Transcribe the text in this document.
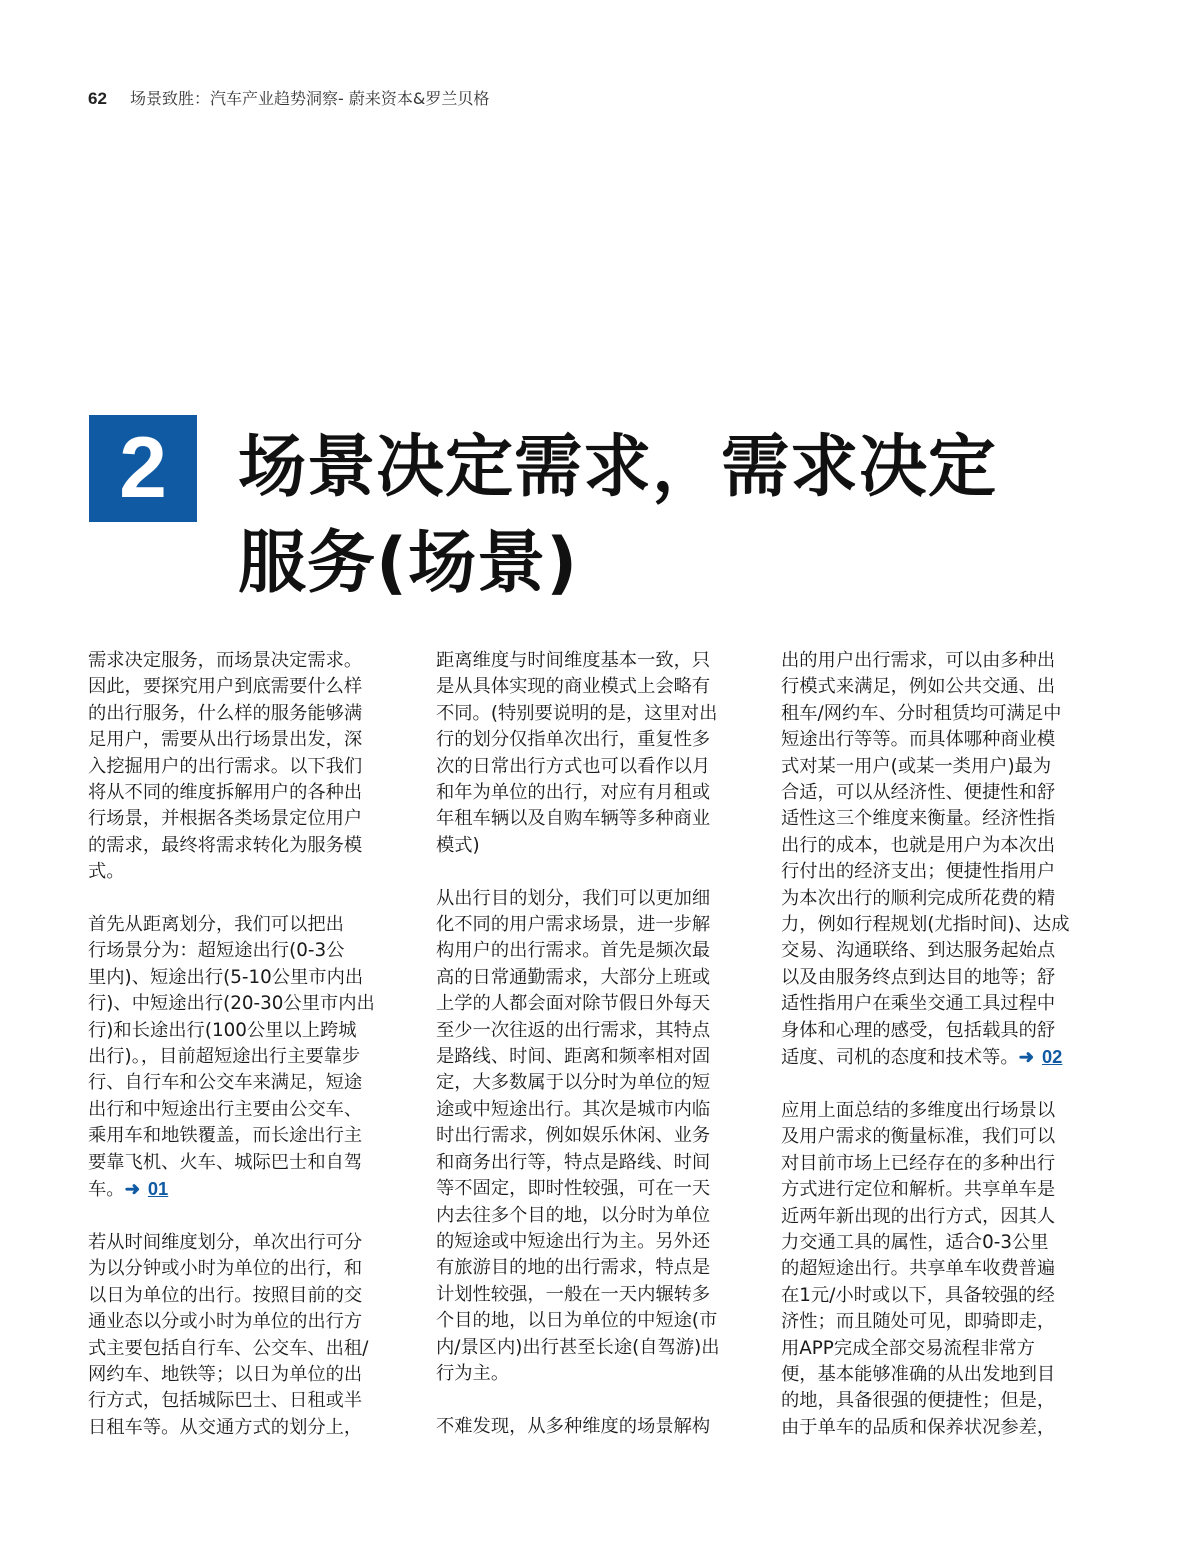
62 场景致胜：汽车产业趋势洞察- 蔚来资本&罗兰贝格
2	场景决定需求，需求决定
服务(场景)

需求决定服务，而场景决定需求。
因此，要探究用户到底需要什么样
的出行服务，什么样的服务能够满
足用户，需要从出行场景出发，深
入挖掘用户的出行需求。以下我们
将从不同的维度拆解用户的各种出
行场景，并根据各类场景定位用户
的需求，最终将需求转化为服务模
式。

首先从距离划分，我们可以把出
行场景分为：超短途出行(0-3公
里内)、短途出行(5-10公里市内出
行)、中短途出行(20-30公里市内出
行)和长途出行(100公里以上跨城
出行)。，目前超短途出行主要靠步
行、自行车和公交车来满足，短途
出行和中短途出行主要由公交车、
乘用车和地铁覆盖，而长途出行主
要靠飞机、火车、城际巴士和自驾
车。➜ 01

若从时间维度划分，单次出行可分
为以分钟或小时为单位的出行，和
以日为单位的出行。按照目前的交
通业态以分或小时为单位的出行方
式主要包括自行车、公交车、出租/
网约车、地铁等；以日为单位的出
行方式，包括城际巴士、日租或半
日租车等。从交通方式的划分上，

距离维度与时间维度基本一致，只
是从具体实现的商业模式上会略有
不同。(特别要说明的是，这里对出
行的划分仅指单次出行，重复性多
次的日常出行方式也可以看作以月
和年为单位的出行，对应有月租或
年租车辆以及自购车辆等多种商业
模式)

从出行目的划分，我们可以更加细
化不同的用户需求场景，进一步解
构用户的出行需求。首先是频次最
高的日常通勤需求，大部分上班或
上学的人都会面对除节假日外每天
至少一次往返的出行需求，其特点
是路线、时间、距离和频率相对固
定，大多数属于以分时为单位的短
途或中短途出行。其次是城市内临
时出行需求，例如娱乐休闲、业务
和商务出行等，特点是路线、时间
等不固定，即时性较强，可在一天
内去往多个目的地，以分时为单位
的短途或中短途出行为主。另外还
有旅游目的地的出行需求，特点是
计划性较强，一般在一天内辗转多
个目的地，以日为单位的中短途(市
内/景区内)出行甚至长途(自驾游)出
行为主。

不难发现，从多种维度的场景解构

出的用户出行需求，可以由多种出
行模式来满足，例如公共交通、出
租车/网约车、分时租赁均可满足中
短途出行等等。而具体哪种商业模
式对某一用户(或某一类用户)最为
合适，可以从经济性、便捷性和舒
适性这三个维度来衡量。经济性指
出行的成本，也就是用户为本次出
行付出的经济支出；便捷性指用户
为本次出行的顺利完成所花费的精
力，例如行程规划(尤指时间)、达成
交易、沟通联络、到达服务起始点
以及由服务终点到达目的地等；舒
适性指用户在乘坐交通工具过程中
身体和心理的感受，包括载具的舒
适度、司机的态度和技术等。➜ 02

应用上面总结的多维度出行场景以
及用户需求的衡量标准，我们可以
对目前市场上已经存在的多种出行
方式进行定位和解析。共享单车是
近两年新出现的出行方式，因其人
力交通工具的属性，适合0-3公里
的超短途出行。共享单车收费普遍
在1元/小时或以下，具备较强的经
济性；而且随处可见，即骑即走，
用APP完成全部交易流程非常方
便，基本能够准确的从出发地到目
的地，具备很强的便捷性；但是，
由于单车的品质和保养状况参差，
